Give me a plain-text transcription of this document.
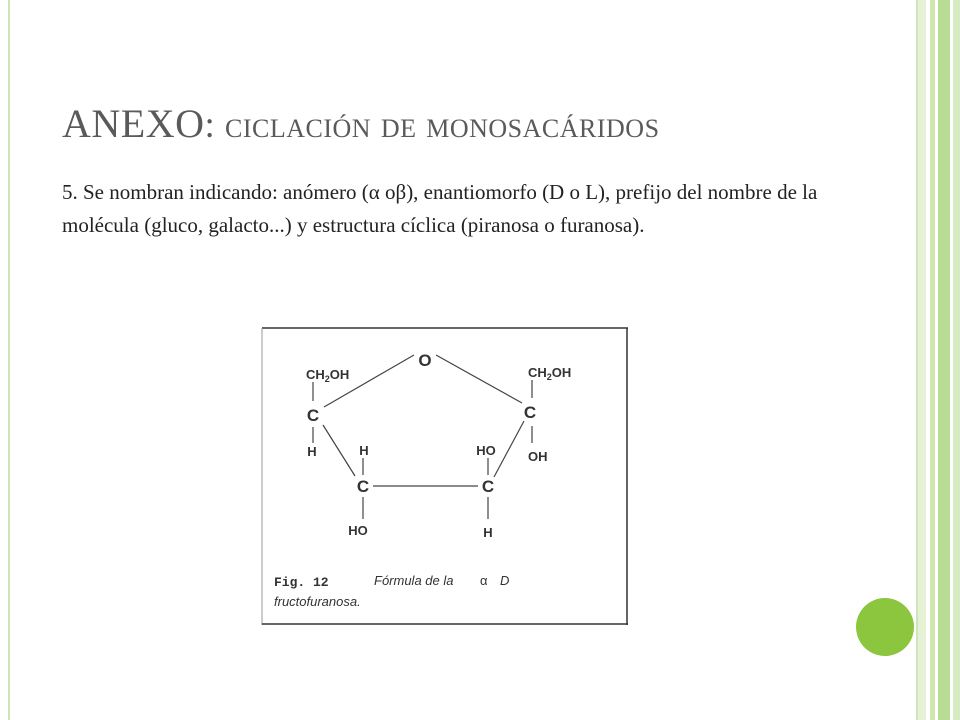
ANEXO: ciclación de monosacáridos
5. Se nombran indicando: anómero (α oβ), enantiomorfo (D o L), prefijo del nombre de la molécula (gluco, galacto...) y estructura cíclica (piranosa o furanosa).
O
$CH_2OH$	$CH_2OH$
C	C
C	C
H	OH
H
HO
HO
H
Fig. 12	Fórmula de la α D
fructofuranosa.
